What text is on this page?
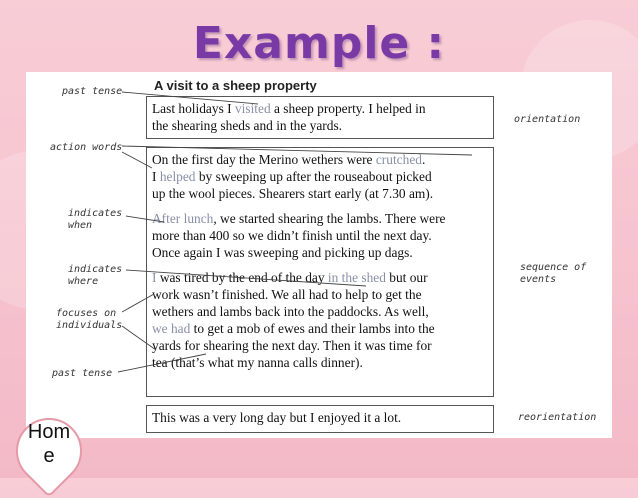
Example :
past tense
action words
indicates
when
indicates
where
focuses on
individuals
past tense
orientation
sequence of
events
reorientation
A visit to a sheep property
Last holidays I visited a sheep property. I helped in
the shearing sheds and in the yards.
On the first day the Merino wethers were crutched.
I helped by sweeping up after the rouseabout picked
up the wool pieces. Shearers start early (at 7.30 am).
After lunch, we started shearing the lambs. There were
more than 400 so we didn’t finish until the next day.
Once again I was sweeping and picking up dags.
I was tired by the end of the day in the shed but our
work wasn’t finished. We all had to help to get the
wethers and lambs back into the paddocks. As well,
we had to get a mob of ewes and their lambs into the
yards for shearing the next day. Then it was time for
tea (that’s what my nanna calls dinner).
This was a very long day but I enjoyed it a lot.
Hom
e
